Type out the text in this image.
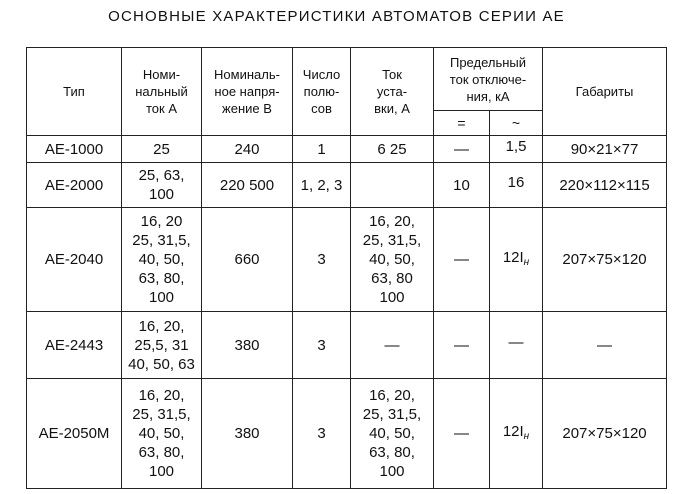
ОСНОВНЫЕ ХАРАКТЕРИСТИКИ АВТОМАТОВ СЕРИИ АЕ
Тип	Номи-
нальный
ток А	Номиналь-
ное напря-
жение В	Число
полю-
сов	Ток
уста-
вки, А	Предельный
ток отключе-
ния, кА		Габариты
					=	~	
АЕ-1000	25	240	1	6 25	—	1,5	90×21×77
АЕ-2000	25, 63,
100	220 500	1, 2, 3		10	16	220×112×115
АЕ-2040	16, 20
25, 31,5,
40, 50,
63, 80,
100	660	3	16, 20,
25, 31,5,
40, 50,
63, 80
100	—	$12I_н$	207×75×120
АЕ-2443	16, 20,
25,5, 31
40, 50, 63	380	3	—	—	—	—
АЕ-2050М	16, 20,
25, 31,5,
40, 50,
63, 80,
100	380	3	16, 20,
25, 31,5,
40, 50,
63, 80,
100	—	$12I_н$	207×75×120
